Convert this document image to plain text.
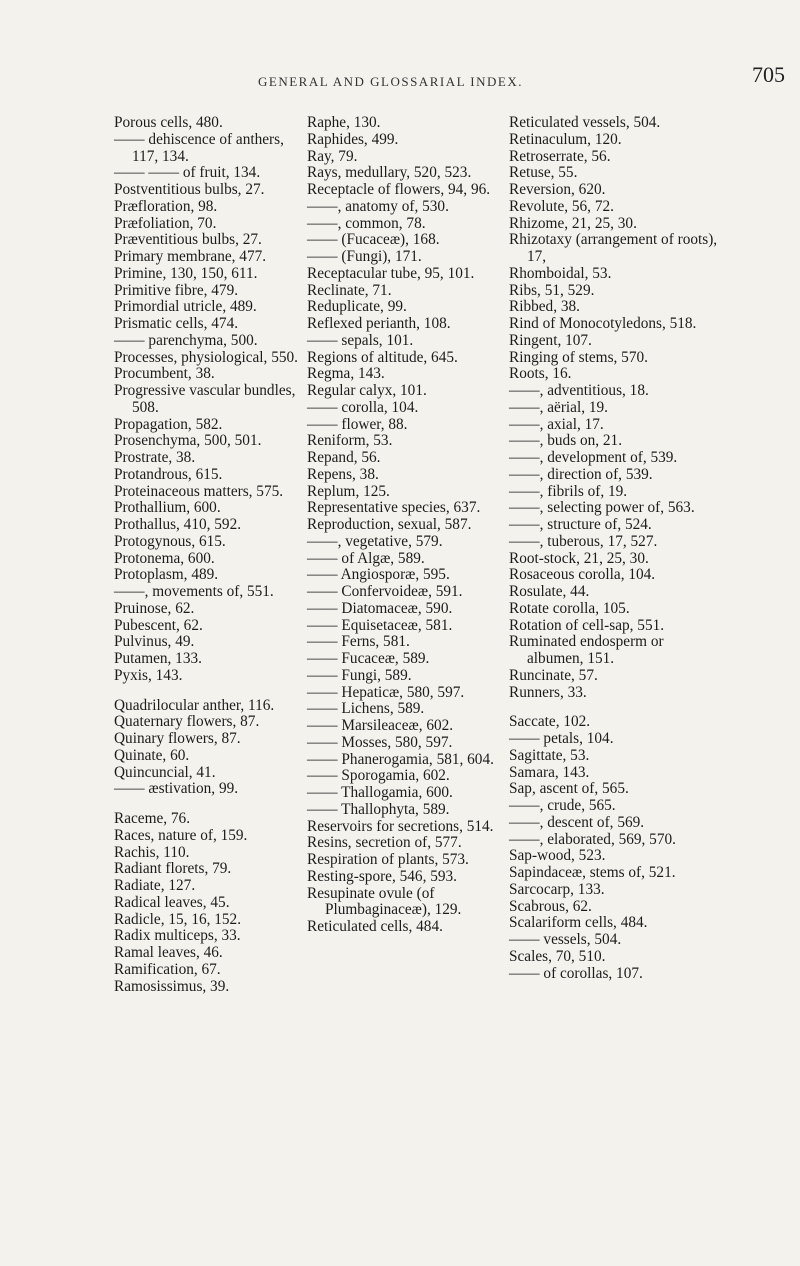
GENERAL AND GLOSSARIAL INDEX.	705
Porous cells, 480.
—— dehiscence of anthers, 117, 134.
—— —— of fruit, 134.
Postventitious bulbs, 27.
Præfloration, 98.
Præfoliation, 70.
Præventitious bulbs, 27.
Primary membrane, 477.
Primine, 130, 150, 611.
Primitive fibre, 479.
Primordial utricle, 489.
Prismatic cells, 474.
—— parenchyma, 500.
Processes, physiological, 550.
Procumbent, 38.
Progressive vascular bundles, 508.
Propagation, 582.
Prosenchyma, 500, 501.
Prostrate, 38.
Protandrous, 615.
Proteinaceous matters, 575.
Prothallium, 600.
Prothallus, 410, 592.
Protogynous, 615.
Protonema, 600.
Protoplasm, 489.
——, movements of, 551.
Pruinose, 62.
Pubescent, 62.
Pulvinus, 49.
Putamen, 133.
Pyxis, 143.
Quadrilocular anther, 116.
Quaternary flowers, 87.
Quinary flowers, 87.
Quinate, 60.
Quincuncial, 41.
—— æstivation, 99.
Raceme, 76.
Races, nature of, 159.
Rachis, 110.
Radiant florets, 79.
Radiate, 127.
Radical leaves, 45.
Radicle, 15, 16, 152.
Radix multiceps, 33.
Ramal leaves, 46.
Ramification, 67.
Ramosissimus, 39.
Raphe, 130.
Raphides, 499.
Ray, 79.
Rays, medullary, 520, 523.
Receptacle of flowers, 94, 96.
——, anatomy of, 530.
——, common, 78.
—— (Fucaceæ), 168.
—— (Fungi), 171.
Receptacular tube, 95, 101.
Reclinate, 71.
Reduplicate, 99.
Reflexed perianth, 108.
—— sepals, 101.
Regions of altitude, 645.
Regma, 143.
Regular calyx, 101.
—— corolla, 104.
—— flower, 88.
Reniform, 53.
Repand, 56.
Repens, 38.
Replum, 125.
Representative species, 637.
Reproduction, sexual, 587.
——, vegetative, 579.
—— of Algæ, 589.
—— Angiosporæ, 595.
—— Confervoideæ, 591.
—— Diatomaceæ, 590.
—— Equisetaceæ, 581.
—— Ferns, 581.
—— Fucaceæ, 589.
—— Fungi, 589.
—— Hepaticæ, 580, 597.
—— Lichens, 589.
—— Marsileaceæ, 602.
—— Mosses, 580, 597.
—— Phanerogamia, 581, 604.
—— Sporogamia, 602.
—— Thallogamia, 600.
—— Thallophyta, 589.
Reservoirs for secretions, 514.
Resins, secretion of, 577.
Respiration of plants, 573.
Resting-spore, 546, 593.
Resupinate ovule (of Plumbaginaceæ), 129.
Reticulated cells, 484.
Reticulated vessels, 504.
Retinaculum, 120.
Retroserrate, 56.
Retuse, 55.
Reversion, 620.
Revolute, 56, 72.
Rhizome, 21, 25, 30.
Rhizotaxy (arrangement of roots), 17,
Rhomboidal, 53.
Ribs, 51, 529.
Ribbed, 38.
Rind of Monocotyledons, 518.
Ringent, 107.
Ringing of stems, 570.
Roots, 16.
——, adventitious, 18.
——, aërial, 19.
——, axial, 17.
——, buds on, 21.
——, development of, 539.
——, direction of, 539.
——, fibrils of, 19.
——, selecting power of, 563.
——, structure of, 524.
——, tuberous, 17, 527.
Root-stock, 21, 25, 30.
Rosaceous corolla, 104.
Rosulate, 44.
Rotate corolla, 105.
Rotation of cell-sap, 551.
Ruminated endosperm or albumen, 151.
Runcinate, 57.
Runners, 33.
Saccate, 102.
—— petals, 104.
Sagittate, 53.
Samara, 143.
Sap, ascent of, 565.
——, crude, 565.
——, descent of, 569.
——, elaborated, 569, 570.
Sap-wood, 523.
Sapindaceæ, stems of, 521.
Sarcocarp, 133.
Scabrous, 62.
Scalariform cells, 484.
—— vessels, 504.
Scales, 70, 510.
—— of corollas, 107.
